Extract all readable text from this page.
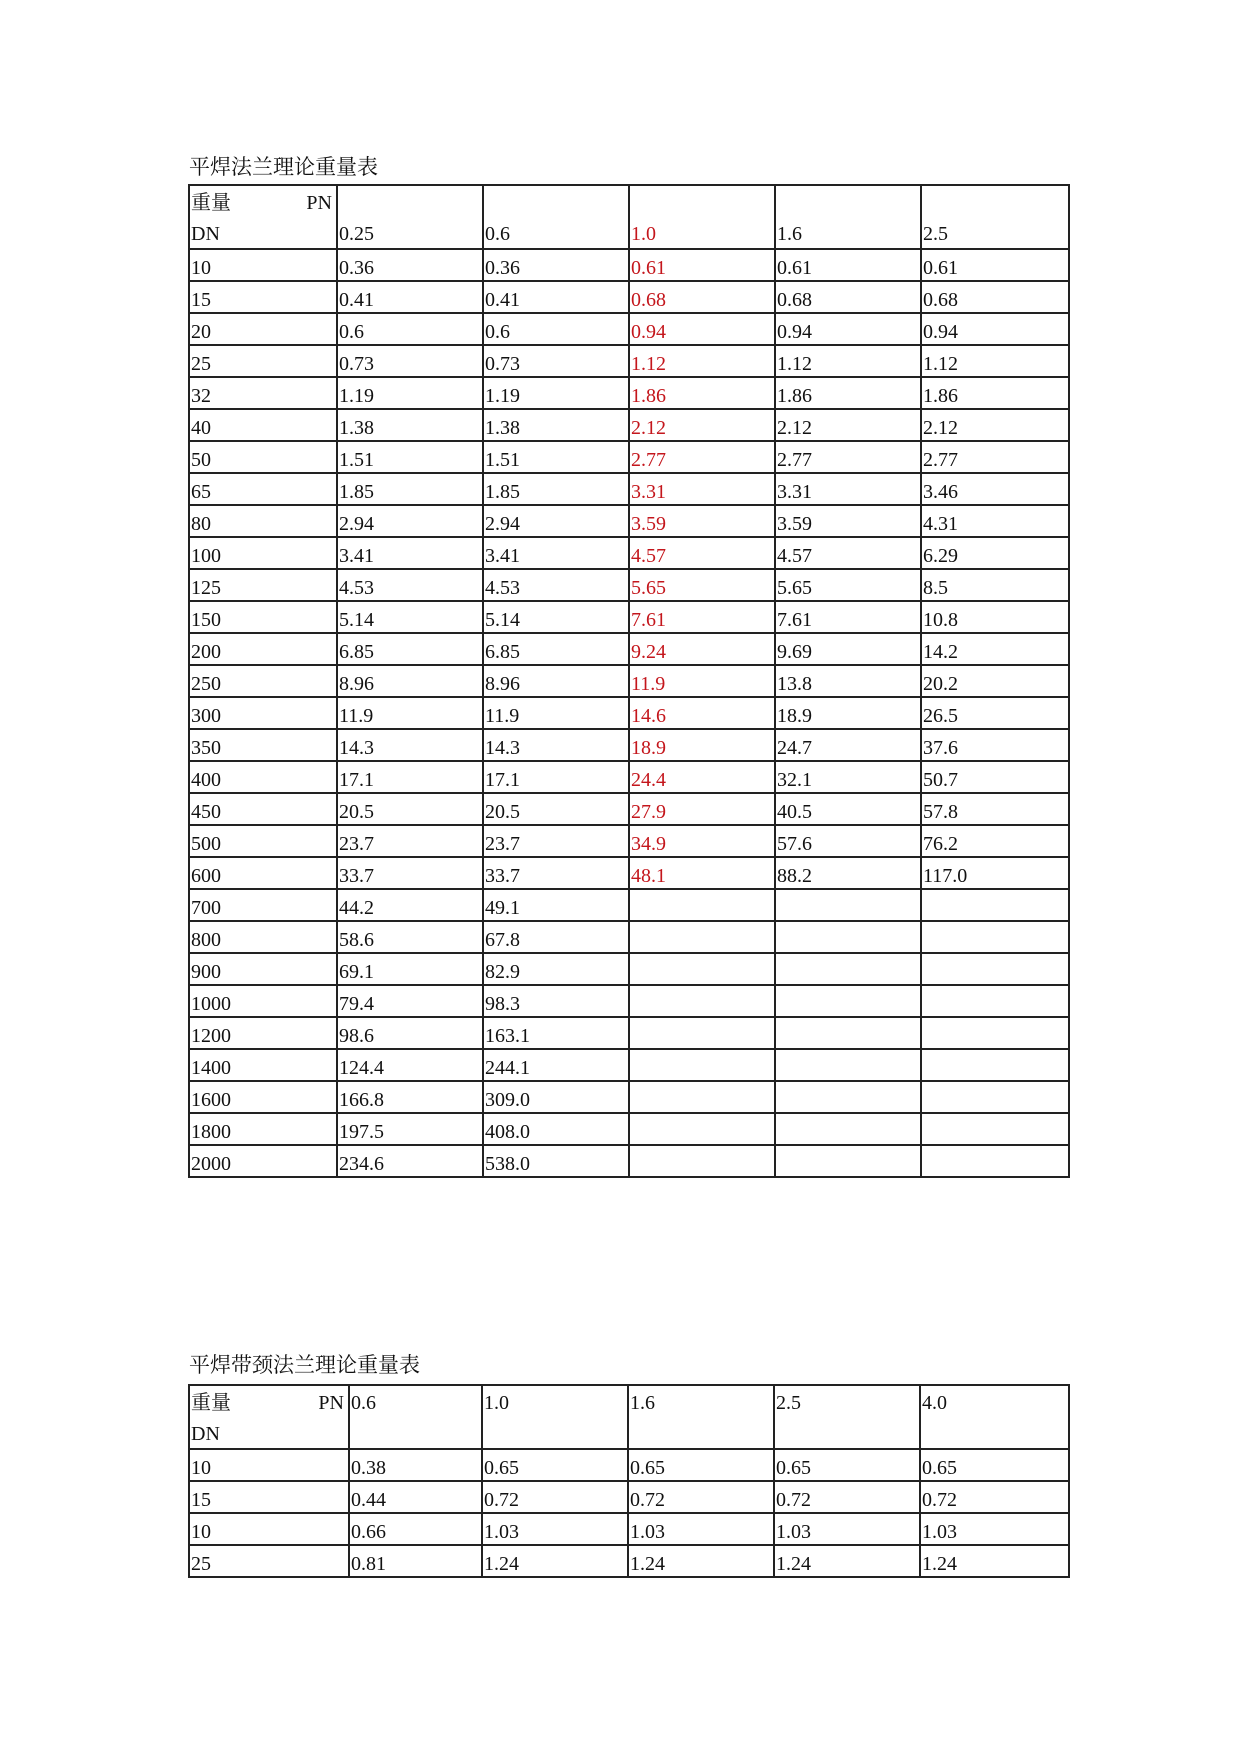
平焊法兰理论重量表
重量 PN
DN	0.25	0.6	1.0	1.6	2.5

10	0.36	0.36	0.61	0.61	0.61
15	0.41	0.41	0.68	0.68	0.68
20	0.6	0.6	0.94	0.94	0.94
25	0.73	0.73	1.12	1.12	1.12
32	1.19	1.19	1.86	1.86	1.86
40	1.38	1.38	2.12	2.12	2.12
50	1.51	1.51	2.77	2.77	2.77
65	1.85	1.85	3.31	3.31	3.46
80	2.94	2.94	3.59	3.59	4.31
100	3.41	3.41	4.57	4.57	6.29
125	4.53	4.53	5.65	5.65	8.5
150	5.14	5.14	7.61	7.61	10.8
200	6.85	6.85	9.24	9.69	14.2
250	8.96	8.96	11.9	13.8	20.2
300	11.9	11.9	14.6	18.9	26.5
350	14.3	14.3	18.9	24.7	37.6
400	17.1	17.1	24.4	32.1	50.7
450	20.5	20.5	27.9	40.5	57.8
500	23.7	23.7	34.9	57.6	76.2
600	33.7	33.7	48.1	88.2	117.0
700	44.2	49.1			
800	58.6	67.8			
900	69.1	82.9			
1000	79.4	98.3			
1200	98.6	163.1			
1400	124.4	244.1			
1600	166.8	309.0			
1800	197.5	408.0			
2000	234.6	538.0			
平焊带颈法兰理论重量表
重量 PN
DN	0.6	1.0	1.6	2.5	4.0

10	0.38	0.65	0.65	0.65	0.65
15	0.44	0.72	0.72	0.72	0.72
10	0.66	1.03	1.03	1.03	1.03
25	0.81	1.24	1.24	1.24	1.24
